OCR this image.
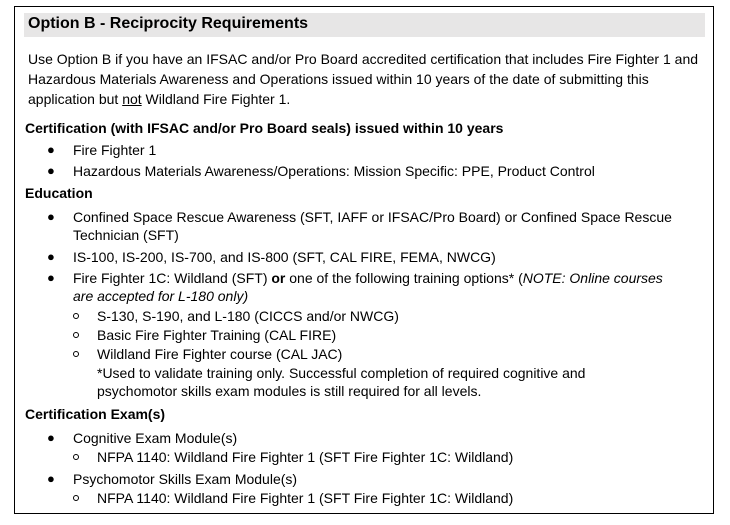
Option B - Reciprocity Requirements

Use Option B if you have an IFSAC and/or Pro Board accredited certification that includes Fire Fighter 1 and Hazardous Materials Awareness and Operations issued within 10 years of the date of submitting this application but not Wildland Fire Fighter 1.

Certification (with IFSAC and/or Pro Board seals) issued within 10 years

● Fire Fighter 1

● Hazardous Materials Awareness/Operations: Mission Specific: PPE, Product Control

Education

● Confined Space Rescue Awareness (SFT, IAFF or IFSAC/Pro Board) or Confined Space Rescue

Technician (SFT)

● IS-100, IS-200, IS-700, and IS-800 (SFT, CAL FIRE, FEMA, NWCG)

● Fire Fighter 1C: Wildland (SFT) or one of the following training options* (NOTE: Online courses

are accepted for L-180 only)

S-130, S-190, and L-180 (CICCS and/or NWCG)

Basic Fire Fighter Training (CAL FIRE)

Wildland Fire Fighter course (CAL JAC)

*Used to validate training only. Successful completion of required cognitive and

psychomotor skills exam modules is still required for all levels.

Certification Exam(s)

● Cognitive Exam Module(s)

NFPA 1140: Wildland Fire Fighter 1 (SFT Fire Fighter 1C: Wildland)

● Psychomotor Skills Exam Module(s)

NFPA 1140: Wildland Fire Fighter 1 (SFT Fire Fighter 1C: Wildland)
